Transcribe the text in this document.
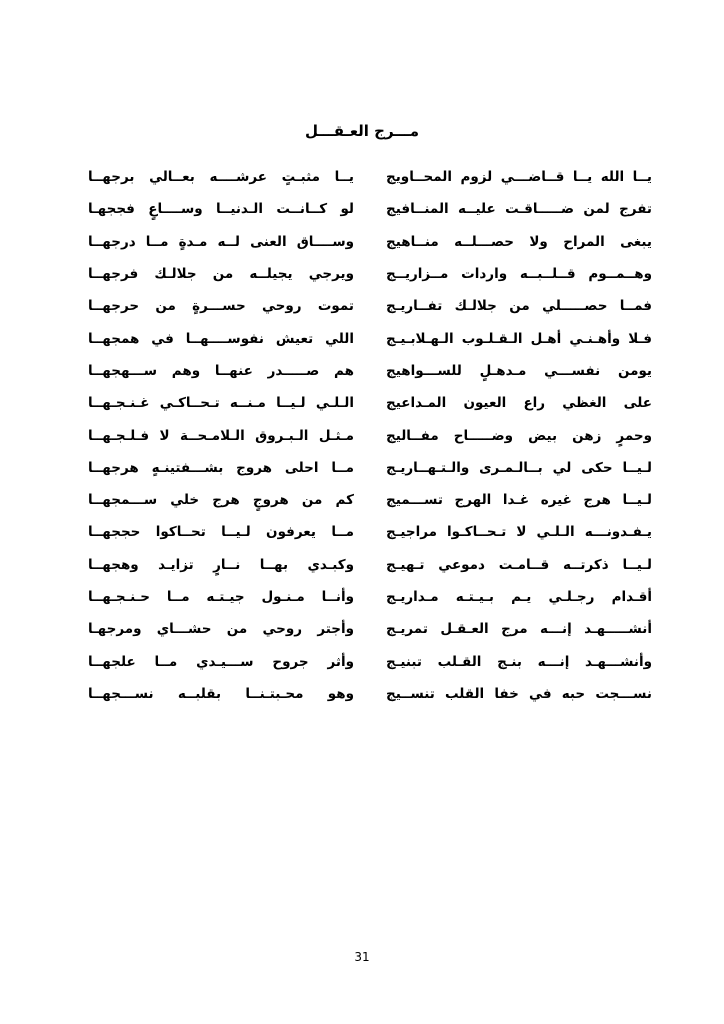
مـــرج العـقـــل
يــا الله يــا قــاضـــي لزوم المحــاويج
يــا مثبـتٍ عرشــــه بعــالي برجهــا
تفرج لمن ضـــــاقـت عليــه المنــافيج
لو كــانــت الـدنيــا وســــاعٍ فججهـا
يبغى المراح ولا حصـــلــه منــاهيج
وســــاق العنى لــه مـدةٍ مــا درجهــا
وهــمــوم قــلــبــه واردات مــزاريــج
ويرجي يجيلــه من جلالـك فرجهــا
فمــا حصـــــلي من جلالـك تفــاريـج
تموت روحي حســـرةٍ من حرجهــا
فـلا وأهـنـي أهـل الـقـلـوب الـهـلابـيـج
اللي تعيش نفوســــهــا في همجهــا
يومن نفســـي مـدهـلٍ للســـواهيج
هم صـــــدر عنهــا وهم ســـهجهــا
على الغظي راع العيون المـداعيج
الـلـي لـيــا مـنــه تـحــاكـي غـنـجـهــا
وحمرٍ زهن بيض وضـــــاح مفــاليج
مـثـل الـبـروق الـلامـحــة لا فـلـجـهــا
لـيــا حكى لي بــالـمـرى والـتـهــاريـج
مــا احلى هروج بشـــفتينـهٍ هرجهــا
لـيــا هرج غيره غـدا الهرج تســـميج
كم من هروجٍ هرج خلي ســـمجهــا
يـفـدونـــه الـلـي لا تـحــاكـوا مراجيـج
مــا يعرفون لـيــا تحــاكوا حججهــا
لـيــا ذكرتــه قــامـت دموعي تـهيـج
وكبـدي بهــا نــارٍ تزايـد وهجهــا
أقـدام رجـلـي يـم بـيـتـه مـداريـج
وأنــا مـنـول جيـتـه مــا حـنـجـهــا
أنشـــــهـد إنـــه مرج العـقـل تمريـج
وأجتر روحي من حشـــاي ومرجهـا
وأنشـــهـد إنـــه بنـج القـلب تبنيـج
وأثر جروح ســـيـدي مــا علجهــا
نســـجت حبه في خفا القلب تنســيج
وهو محـبتـنــا بقلبــه نســـجهــا
31
